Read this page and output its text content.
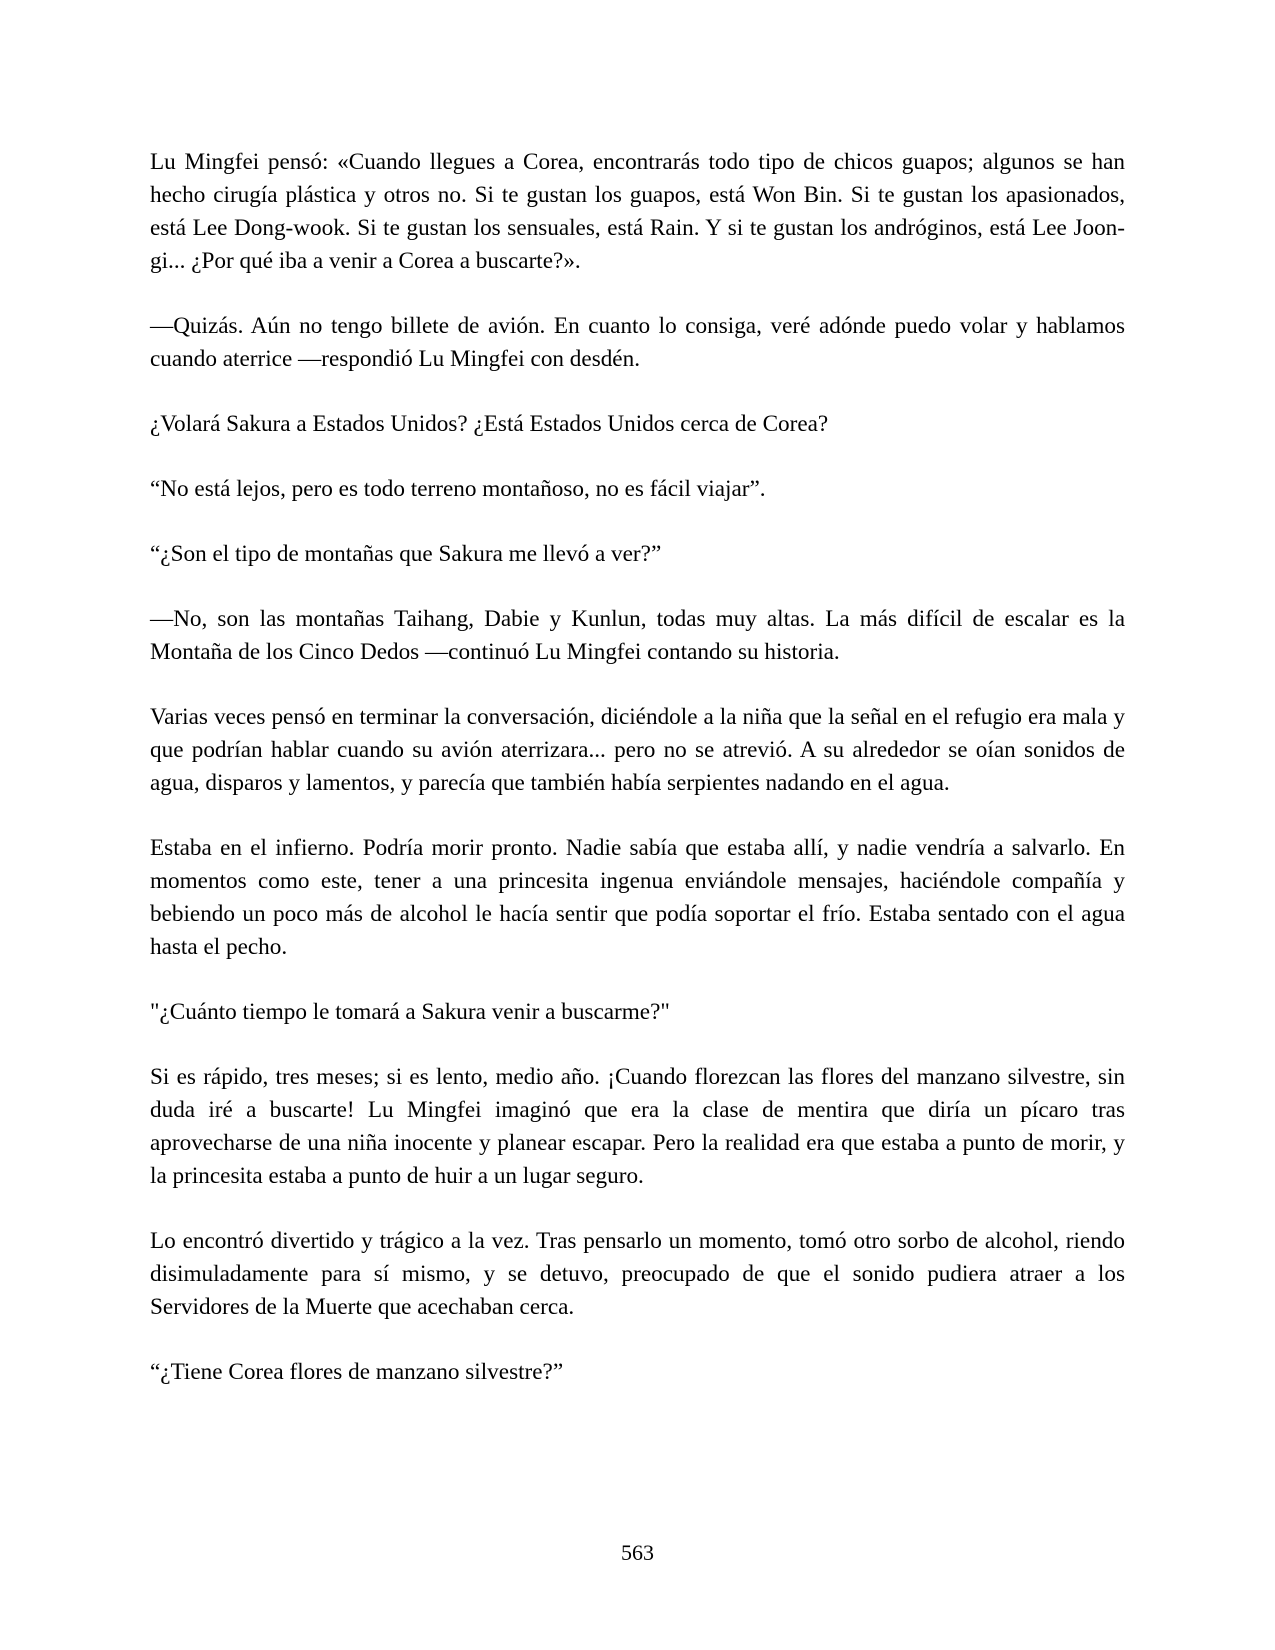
Lu Mingfei pensó: «Cuando llegues a Corea, encontrarás todo tipo de chicos guapos; algunos se han hecho cirugía plástica y otros no. Si te gustan los guapos, está Won Bin. Si te gustan los apasionados, está Lee Dong-wook. Si te gustan los sensuales, está Rain. Y si te gustan los andróginos, está Lee Joon-gi... ¿Por qué iba a venir a Corea a buscarte?».

—Quizás. Aún no tengo billete de avión. En cuanto lo consiga, veré adónde puedo volar y hablamos cuando aterrice —respondió Lu Mingfei con desdén.

¿Volará Sakura a Estados Unidos? ¿Está Estados Unidos cerca de Corea?

“No está lejos, pero es todo terreno montañoso, no es fácil viajar”.

“¿Son el tipo de montañas que Sakura me llevó a ver?”

—No, son las montañas Taihang, Dabie y Kunlun, todas muy altas. La más difícil de escalar es la Montaña de los Cinco Dedos —continuó Lu Mingfei contando su historia.

Varias veces pensó en terminar la conversación, diciéndole a la niña que la señal en el refugio era mala y que podrían hablar cuando su avión aterrizara... pero no se atrevió. A su alrededor se oían sonidos de agua, disparos y lamentos, y parecía que también había serpientes nadando en el agua.

Estaba en el infierno. Podría morir pronto. Nadie sabía que estaba allí, y nadie vendría a salvarlo. En momentos como este, tener a una princesita ingenua enviándole mensajes, haciéndole compañía y bebiendo un poco más de alcohol le hacía sentir que podía soportar el frío. Estaba sentado con el agua hasta el pecho.

"¿Cuánto tiempo le tomará a Sakura venir a buscarme?"

Si es rápido, tres meses; si es lento, medio año. ¡Cuando florezcan las flores del manzano silvestre, sin duda iré a buscarte! Lu Mingfei imaginó que era la clase de mentira que diría un pícaro tras aprovecharse de una niña inocente y planear escapar. Pero la realidad era que estaba a punto de morir, y la princesita estaba a punto de huir a un lugar seguro.

Lo encontró divertido y trágico a la vez. Tras pensarlo un momento, tomó otro sorbo de alcohol, riendo disimuladamente para sí mismo, y se detuvo, preocupado de que el sonido pudiera atraer a los Servidores de la Muerte que acechaban cerca.

“¿Tiene Corea flores de manzano silvestre?”

563
